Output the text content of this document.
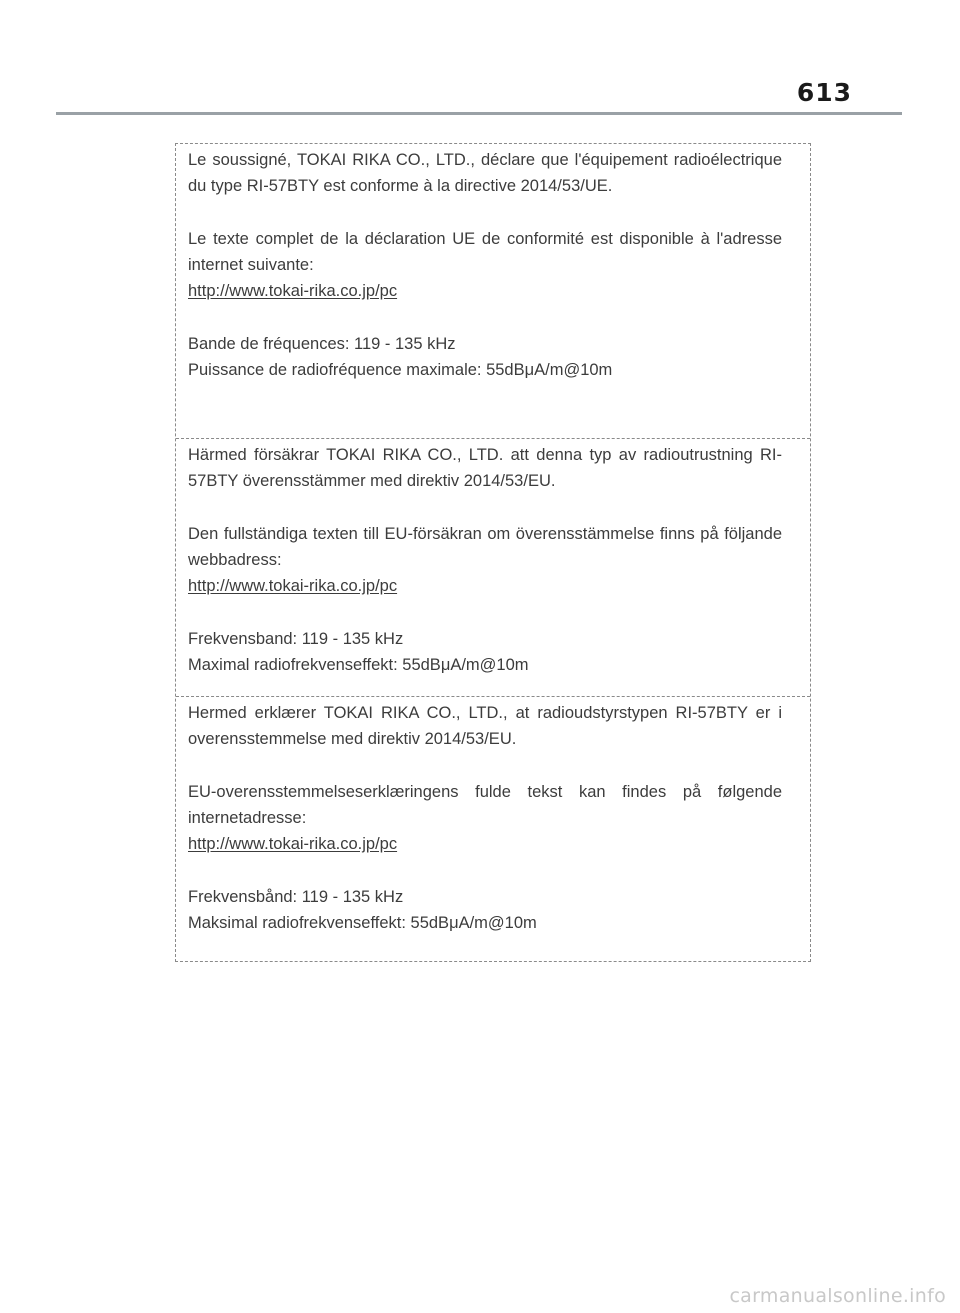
613

Le soussigné, TOKAI RIKA CO., LTD., déclare que l'équipement radioélectrique du type RI-57BTY est conforme à la directive 2014/53/UE.

Le texte complet de la déclaration UE de conformité est disponible à l'adresse internet suivante:

http://www.tokai-rika.co.jp/pc

Bande de fréquences: 119 - 135 kHz

Puissance de radiofréquence maximale: 55dBμA/m@10m

Härmed försäkrar TOKAI RIKA CO., LTD. att denna typ av radioutrustning RI-57BTY överensstämmer med direktiv 2014/53/EU.

Den fullständiga texten till EU-försäkran om överensstämmelse finns på följande webbadress:

http://www.tokai-rika.co.jp/pc

Frekvensband: 119 - 135 kHz

Maximal radiofrekvenseffekt: 55dBμA/m@10m

Hermed erklærer TOKAI RIKA CO., LTD., at radioudstyrstypen RI-57BTY er i overensstemmelse med direktiv 2014/53/EU.

EU-overensstemmelseserklæringens fulde tekst kan findes på følgende internetadresse:

http://www.tokai-rika.co.jp/pc

Frekvensbånd: 119 - 135 kHz

Maksimal radiofrekvenseffekt: 55dBμA/m@10m

carmanualsonline.info
